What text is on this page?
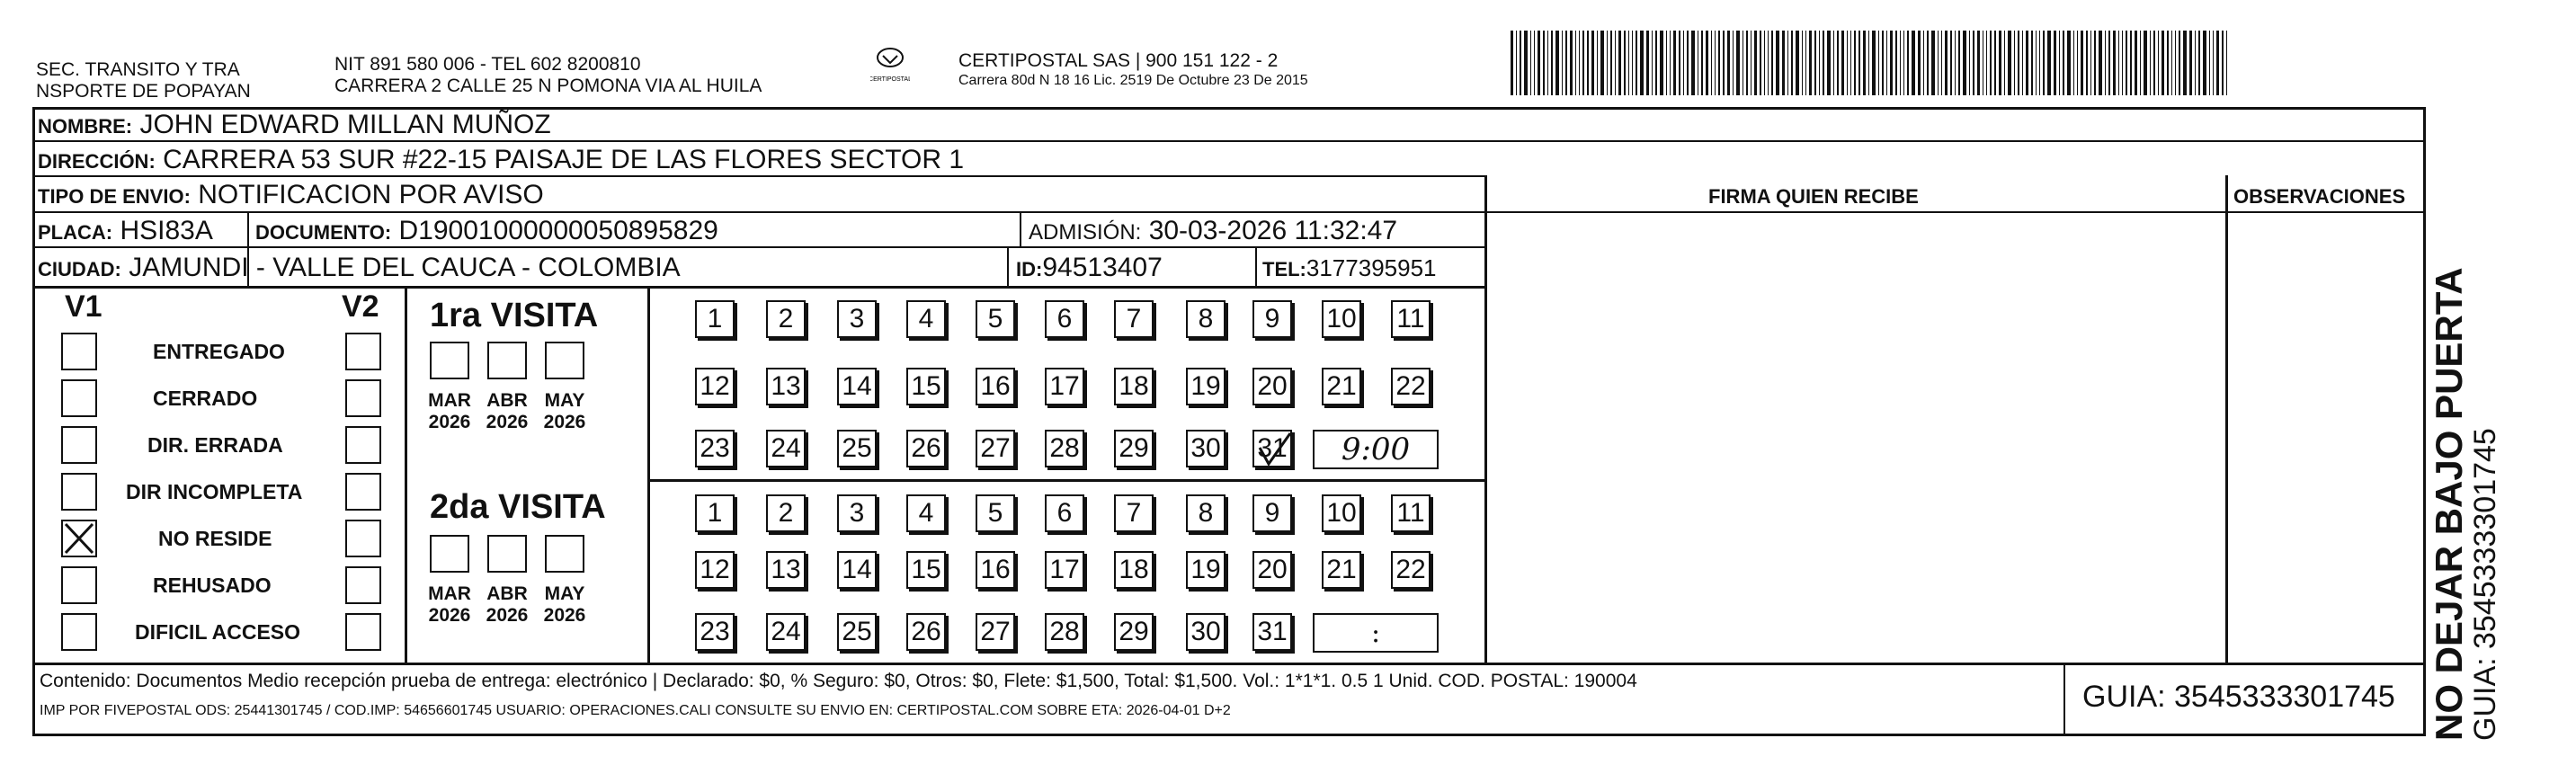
SEC. TRANSITO Y TRA
NSPORTE DE POPAYAN
NIT 891 580 006 - TEL 602 8200810
CARRERA 2 CALLE 25 N POMONA VIA AL HUILA	CERTIPOSTAL
CERTIPOSTAL SAS | 900 151 122 - 2
Carrera 80d N 18 16 Lic. 2519 De Octubre 23 De 2015
NOMBRE: JOHN EDWARD MILLAN MUÑOZ
DIRECCIÓN: CARRERA 53 SUR #22-15 PAISAJE DE LAS FLORES SECTOR 1
TIPO DE ENVIO: NOTIFICACION POR AVISO
PLACA: HSI83A DOCUMENTO: D19001000000050895829	ADMISIÓN: 30-03-2026 11:32:47
CIUDAD: JAMUNDI - VALLE DEL CAUCA - COLOMBIA	ID:94513407	TEL:3177395951
FIRMA QUIEN RECIBE	OBSERVACIONES
V1	V2
ENTREGADO
CERRADO
DIR. ERRADA
DIR INCOMPLETA
NO RESIDE
REHUSADO
DIFICIL ACCESO
1ra VISITA
2da VISITA
MAR
2026
ABR
2026
MAY
2026
MAR
2026
ABR
2026
MAY
2026
1 2 3 4 5 6 7 8 9 10 11
12 13 14 15 16 17 18 19 20 21 22
23 24 25 26 27 28 29 30 31	9:00
1 2 3 4 5 6 7 8 9 10 11
12 13 14 15 16 17 18 19 20 21 22
23 24 25 26 27 28 29 30 31	:
Contenido: Documentos Medio recepción prueba de entrega: electrónico | Declarado: $0, % Seguro: $0, Otros: $0, Flete: $1,500, Total: $1,500. Vol.: 1*1*1. 0.5 1 Unid. COD. POSTAL: 190004
IMP POR FIVEPOSTAL ODS: 25441301745 / COD.IMP: 54656601745 USUARIO: OPERACIONES.CALI CONSULTE SU ENVIO EN: CERTIPOSTAL.COM SOBRE ETA: 2026-04-01 D+2	GUIA: 3545333301745 NO DEJAR BAJO PUERTA
GUIA: 3545333301745
